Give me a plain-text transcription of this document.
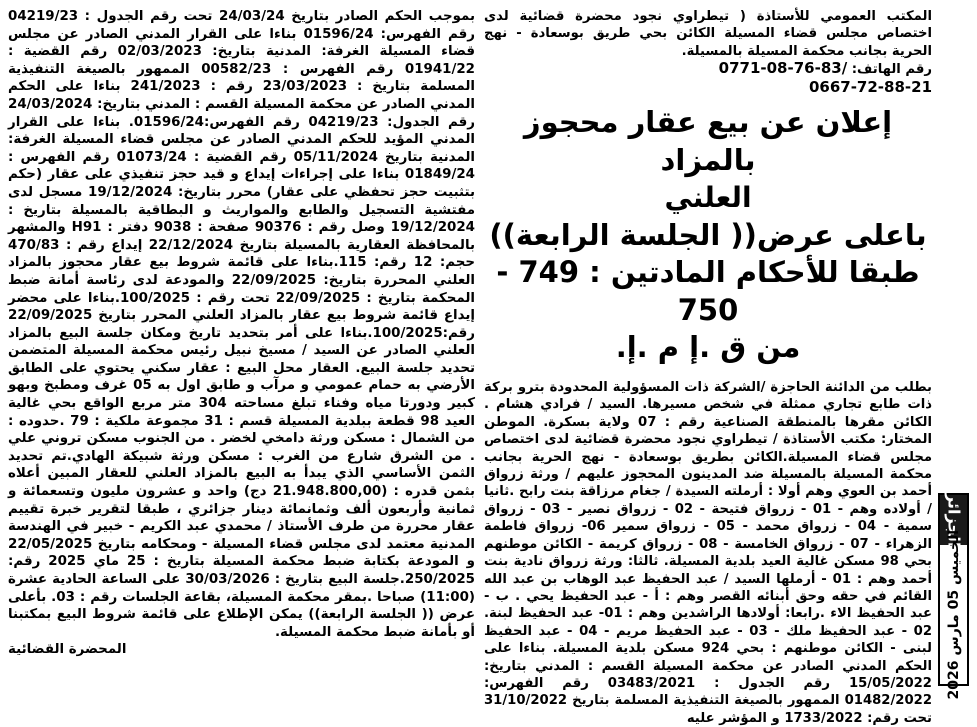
المكتب العمومي للأستاذة ( تيطراوي نجود محضرة قضائية لدى اختصاص مجلس قضاء المسيلة الكائن بحي طريق بوسعادة - نهج الحرية بجانب محكمة المسيلة بالمسيلة.

رقم الهاتف: 0771-08-76-83/

0667-72-88-21

إعلان عن بيع عقار محجوز بالمزاد
العلني
باعلى عرض(( الجلسة الرابعة))
طبقا للأحكام المادتين : 749 - 750
من ق .إ م .إ.

بطلب من الدائنة الحاجزة /الشركة ذات المسؤولية المحدودة بترو بركة ذات طابع تجاري ممثلة في شخص مسيرها. السيد / فرادي هشام . الكائن مقرها بالمنطقة الصناعية رقم : 07 ولاية بسكرة. الموطن المختار: مكتب الأستاذة / تيطراوي نجود محضرة قضائية لدى اختصاص مجلس قضاء المسيلة.الكائن بطريق بوسعادة - نهج الحرية بجانب محكمة المسيلة بالمسيلة ضد المدينون المحجوز عليهم / ورثة زرواق أحمد بن العوي وهم أولا : أرملته السيدة / جغام مرزاقة بنت رابح .ثانيا / أولاده وهم - 01 - زرواق فتيحة - 02 - زرواق نصير - 03 - زرواق سمية - 04 - زرواق محمد - 05 - زرواق سمير 06- زرواق فاطمة الزهراء - 07 - زرواق الخامسة - 08 - زرواق كريمة - الكائن موطنهم بحي 98 مسكن غالية العيد بلدية المسيلة. ثالثا: ورثة زرواق نادية بنت أحمد وهم : 01 - أرملها السيد / عبد الحفيظ عبد الوهاب بن عبد الله القائم في حقه وحق أبنائه القصر وهم : أ - عبد الحفيظ يحي . ب - عبد الحفيظ الاء .رابعا: أولادها الراشدين وهم : 01- عبد الحفيظ لبنة. 02 - عبد الحفيظ ملك - 03 - عبد الحفيظ مريم - 04 - عبد الحفيظ لبنى - الكائن موطنهم : بحي 924 مسكن بلدية المسيلة. بناءا على الحكم المدني الصادر عن محكمة المسيلة القسم : المدني بتاريخ: 15/05/2022 رقم الجدول : 03483/2021 رقم الفهرس: 01482/2022 الممهور بالصيغة التنفيذية المسلمة بتاريخ 31/10/2022 تحت رقم: 1733/2022 و المؤشر عليه

بموجب الحكم الصادر بتاريخ 24/03/24 تحت رقم الجدول : 04219/23 رقم الفهرس: 01596/24 بناءا على القرار المدني الصادر عن مجلس قضاء المسيلة الغرفة: المدنية بتاريخ: 02/03/2023 رقم القضية : 01941/22 رقم الفهرس : 00582/23 الممهور بالصيغة التنفيذية المسلمة بتاريخ : 23/03/2023 رقم : 241/2023 بناءا على الحكم المدني الصادر عن محكمة المسيلة القسم : المدني بتاريخ: 24/03/2024 رقم الجدول: 04219/23 رقم الفهرس:01596/24. بناءا على القرار المدني المؤيد للحكم المدني الصادر عن مجلس قضاء المسيلة الغرفة: المدنية بتاريخ 05/11/2024 رقم القضية : 01073/24 رقم الفهرس : 01849/24 بناءا على إجراءات إيداع و قيد حجز تنفيذي على عقار (حكم بتثبيت حجز تحفظي على عقار) محرر بتاريخ: 19/12/2024 مسجل لدى مفتشية التسجيل والطابع والمواريث و البطاقية بالمسيلة بتاريخ : 19/12/2024 وصل رقم : 90376 صفحة : 9038 دفتر : H91 والمشهر بالمحافظة العقارية بالمسيلة بتاريخ 22/12/2024 إيداع رقم : 470/83 حجم: 12 رقم: 115.بناءا على قائمة شروط بيع عقار محجوز بالمزاد العلني المحررة بتاريخ: 22/09/2025 والمودعة لدى رئاسة أمانة ضبط المحكمة بتاريخ : 22/09/2025 تحت رقم : 100/2025.بناءا على محضر إيداع قائمة شروط بيع عقار بالمزاد العلني المحرر بتاريخ 22/09/2025 رقم:100/2025.بناءا على أمر بتحديد تاريخ ومكان جلسة البيع بالمزاد العلني الصادر عن السيد / مسيخ نبيل رئيس محكمة المسيلة المتضمن تحديد جلسة البيع. العقار محل البيع : عقار سكني يحتوي على الطابق الأرضي به حمام عمومي و مرآب و طابق اول به 05 غرف ومطبخ وبهو كبير ودورتا مياه وفناء تبلغ مساحته 304 متر مربع الواقع بحي غالية العيد 98 قطعة ببلدية المسيلة قسم : 31 مجموعة ملكية : 79 .حدوده : من الشمال : مسكن ورثة دامخي لخضر . من الجنوب مسكن تروني علي . من الشرق شارع من الغرب : مسكن ورثة شبيكة الهادي.تم تحديد الثمن الأساسي الذي يبدأ به البيع بالمزاد العلني للعقار المبين أعلاه بثمن قدره : (21.948.800,00 دج) واحد و عشرون مليون وتسعمائة و ثمانية وأربعون ألف وثمانمائة دينار جزائري ، طبقا لتقرير خبرة تقييم عقار محررة من طرف الأستاذ / محمدي عبد الكريم - خبير في الهندسة المدنية معتمد لدى مجلس قضاء المسيلة - ومحكامه بتاريخ 22/05/2025 و المودعة بكتابة ضبط محكمة المسيلة بتاريخ : 25 ماي 2025 رقم: 250/2025.جلسة البيع بتاريخ : 30/03/2026 على الساعة الحادية عشرة (11:00) صباحا .بمقر محكمة المسيلة، بقاعة الجلسات رقم : 03. بأعلى عرض (( الجلسة الرابعة)) يمكن الإطلاع على قائمة شروط البيع بمكتبنا أو بأمانة ضبط محكمة المسيلة.

المحضرة القضائية
الجزائر
الخميس 05 مارس 2026
